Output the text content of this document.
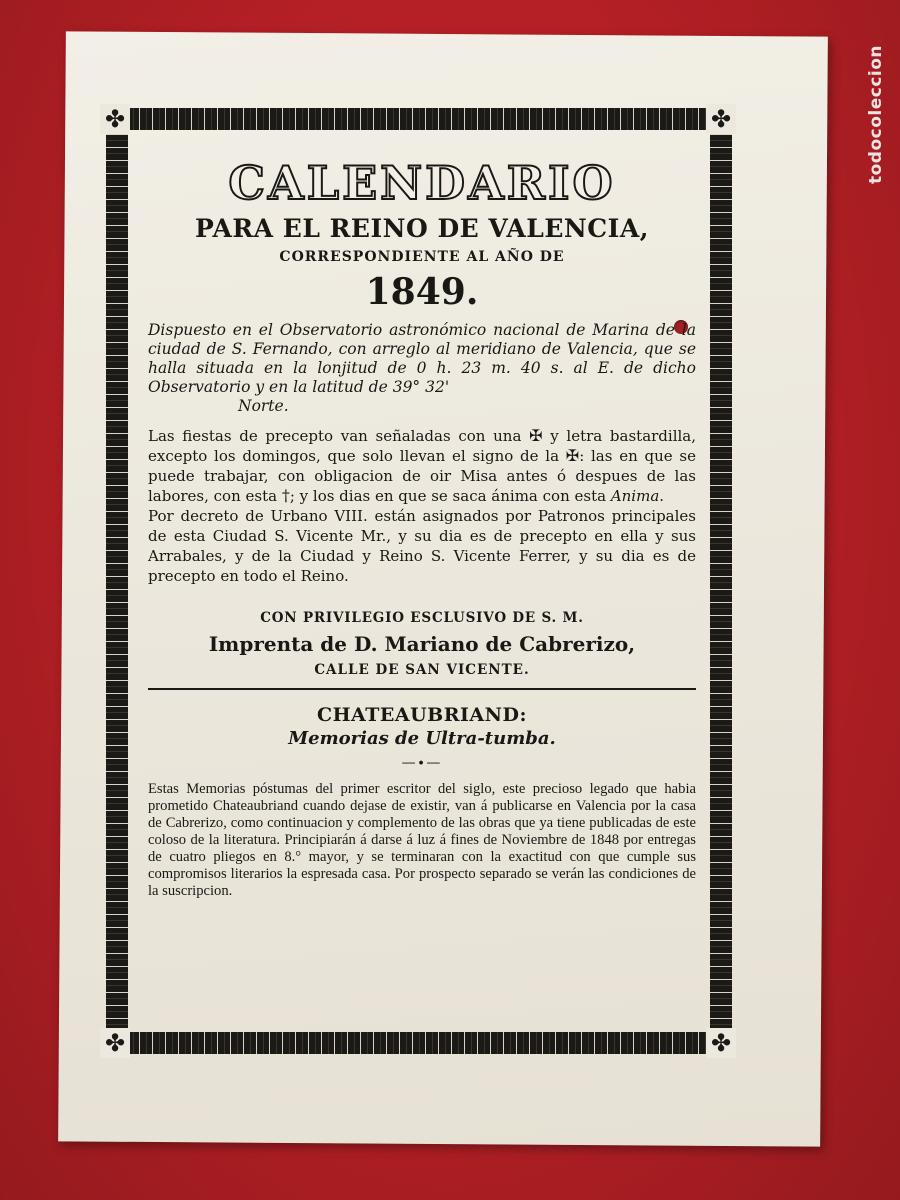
todocoleccion
✤	✤
✤	✤
CALENDARIO
PARA EL REINO DE VALENCIA,
CORRESPONDIENTE AL AÑO DE
1849.

Dispuesto en el Observatorio astronómico nacional de Marina de la ciudad de S. Fernando, con arreglo al meridiano de Valencia, que se halla situada en la lonjitud de 0 h. 23 m. 40 s. al E. de dicho Observatorio y en la latitud de 39° 32'
Norte.

Las fiestas de precepto van señaladas con una ✠ y letra bastardilla, excepto los domingos, que solo llevan el signo de la ✠: las en que se puede trabajar, con obligacion de oir Misa antes ó despues de las labores, con esta †; y los dias en que se saca ánima con esta Anima.

Por decreto de Urbano VIII. están asignados por Patronos principales de esta Ciudad S. Vicente Mr., y su dia es de precepto en ella y sus Arrabales, y de la Ciudad y Reino S. Vicente Ferrer, y su dia es de precepto en todo el Reino.

CON PRIVILEGIO ESCLUSIVO DE S. M.
Imprenta de D. Mariano de Cabrerizo,
CALLE DE SAN VICENTE.
CHATEAUBRIAND:
Memorias de Ultra-tumba.
—∙—

Estas Memorias póstumas del primer escritor del siglo, este precioso legado que habia prometido Chateaubriand cuando dejase de existir, van á publicarse en Valencia por la casa de Cabrerizo, como continuacion y complemento de las obras que ya tiene publicadas de este coloso de la literatura. Principiarán á darse á luz á fines de Noviembre de 1848 por entregas de cuatro pliegos en 8.° mayor, y se terminaran con la exactitud con que cumple sus compromisos literarios la espresada casa. Por prospecto separado se verán las condiciones de la suscripcion.
